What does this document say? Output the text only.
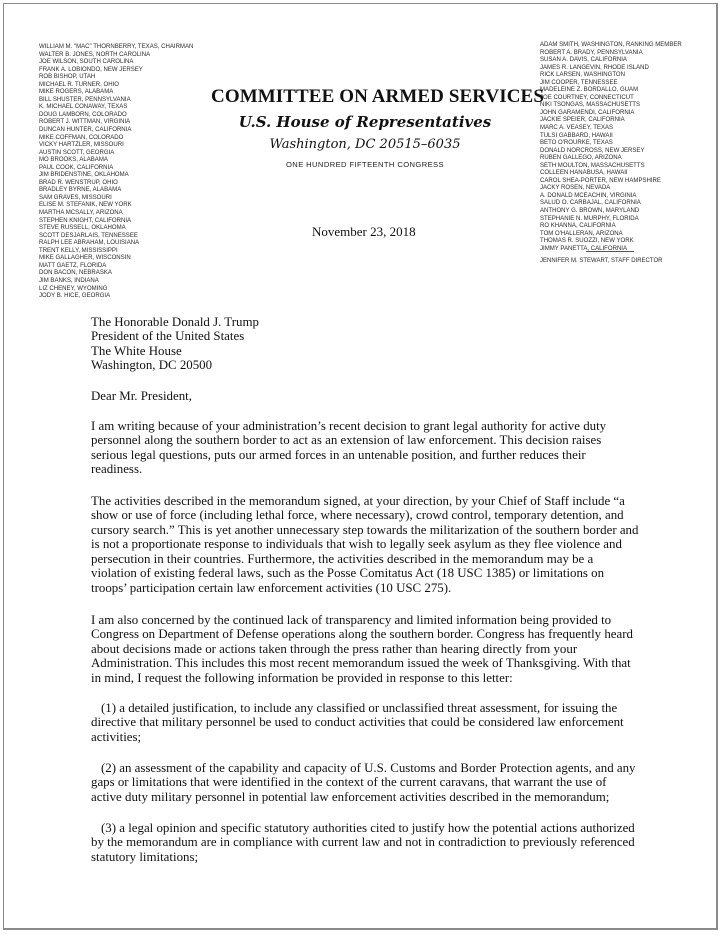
WILLIAM M. "MAC" THORNBERRY, TEXAS, CHAIRMAN
WALTER B. JONES, NORTH CAROLINA
JOE WILSON, SOUTH CAROLINA
FRANK A. LOBIONDO, NEW JERSEY
ROB BISHOP, UTAH
MICHAEL R. TURNER, OHIO
MIKE ROGERS, ALABAMA
BILL SHUSTER, PENNSYLVANIA
K. MICHAEL CONAWAY, TEXAS
DOUG LAMBORN, COLORADO
ROBERT J. WITTMAN, VIRGINIA
DUNCAN HUNTER, CALIFORNIA
MIKE COFFMAN, COLORADO
VICKY HARTZLER, MISSOURI
AUSTIN SCOTT, GEORGIA
MO BROOKS, ALABAMA
PAUL COOK, CALIFORNIA
JIM BRIDENSTINE, OKLAHOMA
BRAD R. WENSTRUP, OHIO
BRADLEY BYRNE, ALABAMA
SAM GRAVES, MISSOURI
ELISE M. STEFANIK, NEW YORK
MARTHA MCSALLY, ARIZONA
STEPHEN KNIGHT, CALIFORNIA
STEVE RUSSELL, OKLAHOMA
SCOTT DESJARLAIS, TENNESSEE
RALPH LEE ABRAHAM, LOUISIANA
TRENT KELLY, MISSISSIPPI
MIKE GALLAGHER, WISCONSIN
MATT GAETZ, FLORIDA
DON BACON, NEBRASKA
JIM BANKS, INDIANA
LIZ CHENEY, WYOMING
JODY B. HICE, GEORGIA
ADAM SMITH, WASHINGTON, RANKING MEMBER
ROBERT A. BRADY, PENNSYLVANIA
SUSAN A. DAVIS, CALIFORNIA
JAMES R. LANGEVIN, RHODE ISLAND
RICK LARSEN, WASHINGTON
JIM COOPER, TENNESSEE
MADELEINE Z. BORDALLO, GUAM
JOE COURTNEY, CONNECTICUT
NIKI TSONGAS, MASSACHUSETTS
JOHN GARAMENDI, CALIFORNIA
JACKIE SPEIER, CALIFORNIA
MARC A. VEASEY, TEXAS
TULSI GABBARD, HAWAII
BETO O'ROURKE, TEXAS
DONALD NORCROSS, NEW JERSEY
RUBEN GALLEGO, ARIZONA
SETH MOULTON, MASSACHUSETTS
COLLEEN HANABUSA, HAWAII
CAROL SHEA-PORTER, NEW HAMPSHIRE
JACKY ROSEN, NEVADA
A. DONALD MCEACHIN, VIRGINIA
SALUD O. CARBAJAL, CALIFORNIA
ANTHONY G. BROWN, MARYLAND
STEPHANIE N. MURPHY, FLORIDA
RO KHANNA, CALIFORNIA
TOM O'HALLERAN, ARIZONA
THOMAS R. SUOZZI, NEW YORK
JIMMY PANETTA, CALIFORNIA
JENNIFER M. STEWART, STAFF DIRECTOR
COMMITTEE ON ARMED SERVICES
U.S. House of Representatives
Washington, DC 20515–6035
ONE HUNDRED FIFTEENTH CONGRESS
November 23, 2018
The Honorable Donald J. Trump
President of the United States
The White House
Washington, DC 20500
Dear Mr. President,
I am writing because of your administration’s recent decision to grant legal authority for active duty
personnel along the southern border to act as an extension of law enforcement. This decision raises
serious legal questions, puts our armed forces in an untenable position, and further reduces their
readiness.
The activities described in the memorandum signed, at your direction, by your Chief of Staff include “a
show or use of force (including lethal force, where necessary), crowd control, temporary detention, and
cursory search.” This is yet another unnecessary step towards the militarization of the southern border and
is not a proportionate response to individuals that wish to legally seek asylum as they flee violence and
persecution in their countries. Furthermore, the activities described in the memorandum may be a
violation of existing federal laws, such as the Posse Comitatus Act (18 USC 1385) or limitations on
troops’ participation certain law enforcement activities (10 USC 275).
I am also concerned by the continued lack of transparency and limited information being provided to
Congress on Department of Defense operations along the southern border. Congress has frequently heard
about decisions made or actions taken through the press rather than hearing directly from your
Administration. This includes this most recent memorandum issued the week of Thanksgiving. With that
in mind, I request the following information be provided in response to this letter:
(1) a detailed justification, to include any classified or unclassified threat assessment, for issuing the
directive that military personnel be used to conduct activities that could be considered law enforcement
activities;
(2) an assessment of the capability and capacity of U.S. Customs and Border Protection agents, and any
gaps or limitations that were identified in the context of the current caravans, that warrant the use of
active duty military personnel in potential law enforcement activities described in the memorandum;
(3) a legal opinion and specific statutory authorities cited to justify how the potential actions authorized
by the memorandum are in compliance with current law and not in contradiction to previously referenced
statutory limitations;
